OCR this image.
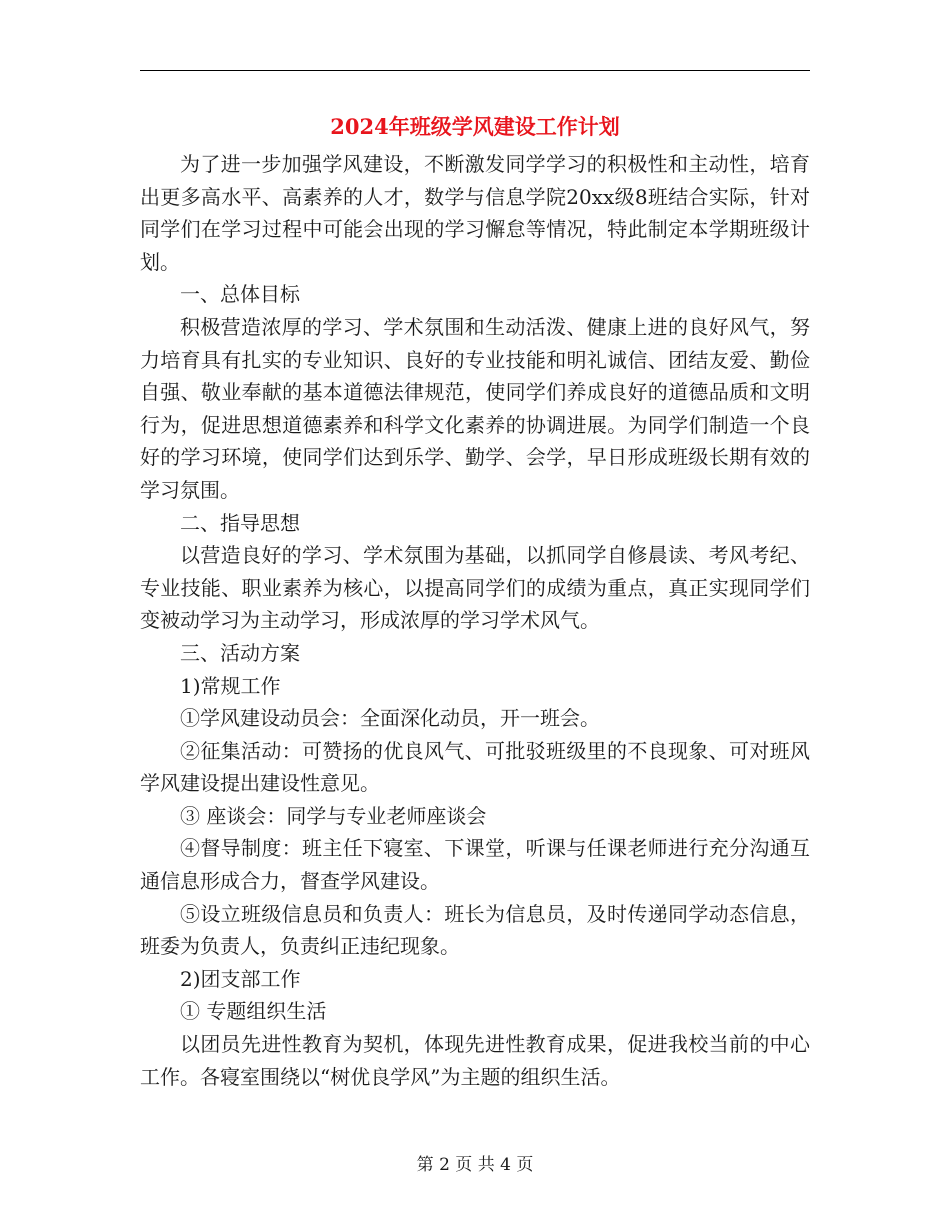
2024年班级学风建设工作计划

为了进一步加强学风建设，不断激发同学学习的积极性和主动性，培育出更多高水平、高素养的人才，数学与信息学院20xx级8班结合实际，针对同学们在学习过程中可能会出现的学习懈怠等情况，特此制定本学期班级计划。

一、总体目标

积极营造浓厚的学习、学术氛围和生动活泼、健康上进的良好风气，努力培育具有扎实的专业知识、良好的专业技能和明礼诚信、团结友爱、勤俭自强、敬业奉献的基本道德法律规范，使同学们养成良好的道德品质和文明行为，促进思想道德素养和科学文化素养的协调进展。为同学们制造一个良好的学习环境，使同学们达到乐学、勤学、会学，早日形成班级长期有效的学习氛围。

二、指导思想

以营造良好的学习、学术氛围为基础，以抓同学自修晨读、考风考纪、专业技能、职业素养为核心，以提高同学们的成绩为重点，真正实现同学们变被动学习为主动学习，形成浓厚的学习学术风气。

三、活动方案

1)常规工作

①学风建设动员会：全面深化动员，开一班会。

②征集活动：可赞扬的优良风气、可批驳班级里的不良现象、可对班风学风建设提出建设性意见。

③ 座谈会：同学与专业老师座谈会

④督导制度：班主任下寝室、下课堂，听课与任课老师进行充分沟通互通信息形成合力，督查学风建设。

⑤设立班级信息员和负责人：班长为信息员，及时传递同学动态信息，班委为负责人，负责纠正违纪现象。

2)团支部工作

① 专题组织生活

以团员先进性教育为契机，体现先进性教育成果，促进我校当前的中心工作。各寝室围绕以“树优良学风”为主题的组织生活。

第 2 页 共 4 页
